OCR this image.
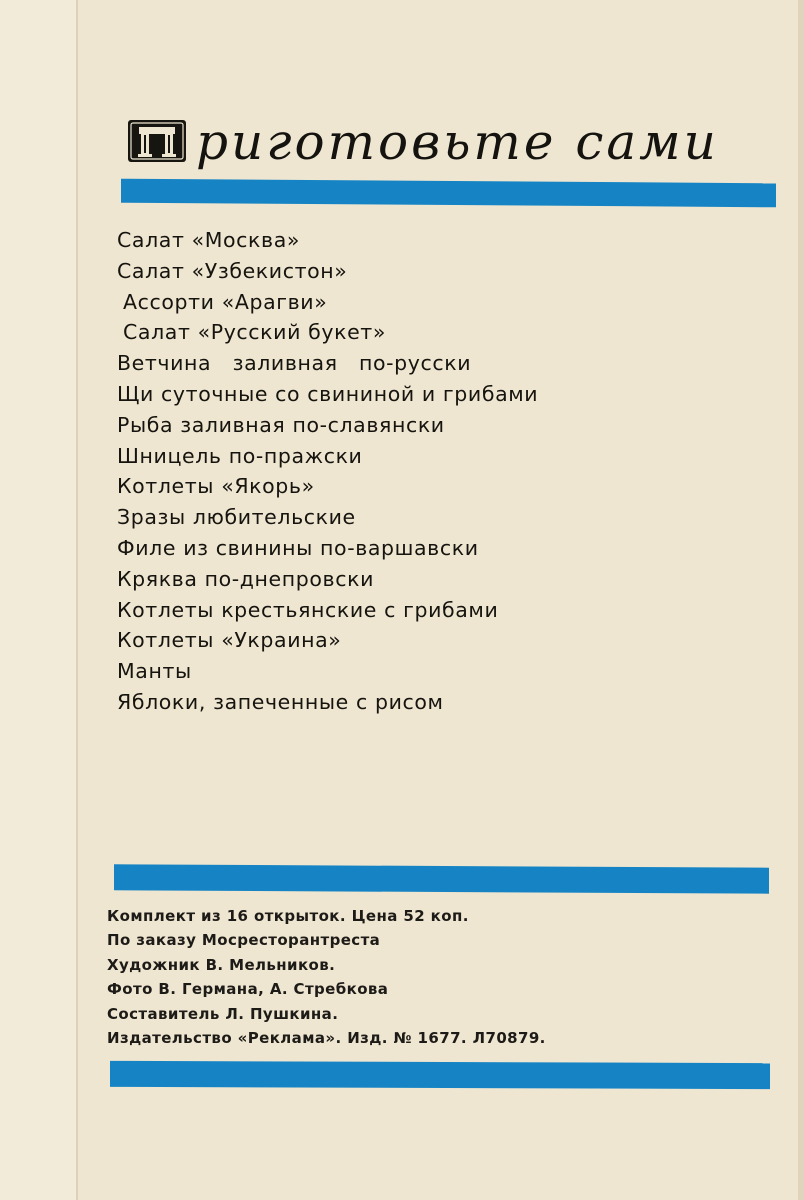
риготовьте сами
Салат «Москва»
Салат «Узбекистон»
Ассорти «Арагви»
Салат «Русский букет»
Ветчина   заливная   по-русски
Щи суточные со свининой и грибами
Рыба заливная по-славянски
Шницель по-пражски
Котлеты «Якорь»
Зразы любительские
Филе из свинины по-варшавски
Кряква по-днепровски
Котлеты крестьянские с грибами
Котлеты «Украина»
Манты
Яблоки, запеченные с рисом
Комплект из 16 открыток. Цена 52 коп.
По заказу Мосресторантреста
Художник В. Мельников.
Фото В. Германа, А. Стребкова
Составитель Л. Пушкина.
Издательство «Реклама». Изд. № 1677. Л70879.
